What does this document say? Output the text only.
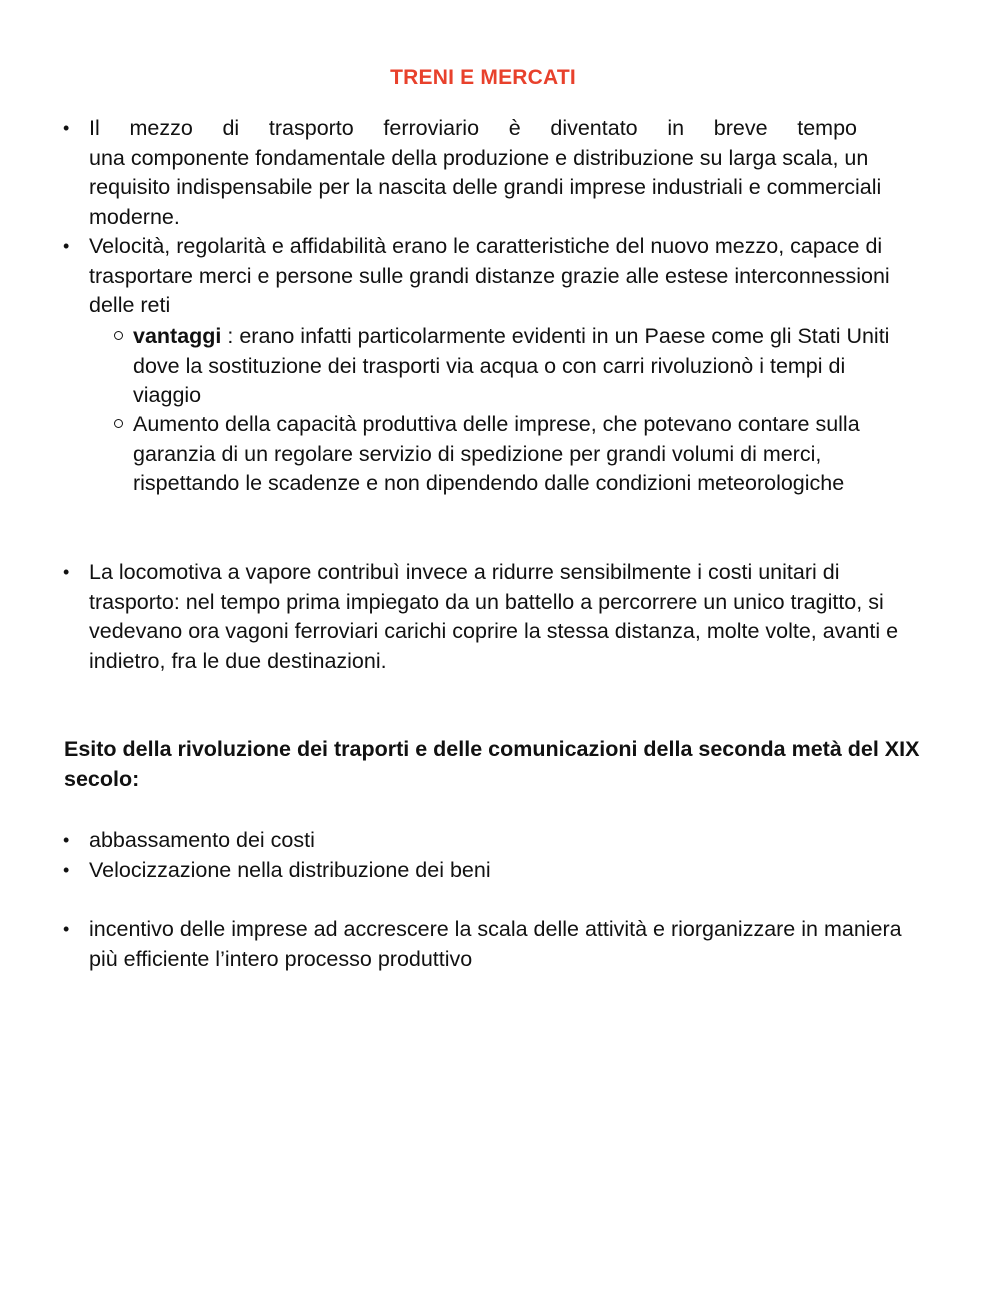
TRENI E MERCATI
• Il mezzo di trasporto ferroviario è diventato in breve tempo
una componente fondamentale della produzione e distribuzione su larga scala, un requisito indispensabile per la nascita delle grandi imprese industriali e commerciali moderne.
• Velocità, regolarità e affidabilità erano le caratteristiche del nuovo mezzo, capace di trasportare merci e persone sulle grandi distanze grazie alle estese interconnessioni delle reti
vantaggi : erano infatti particolarmente evidenti in un Paese come gli Stati Uniti dove la sostituzione dei trasporti via acqua o con carri rivoluzionò i tempi di viaggio
Aumento della capacità produttiva delle imprese, che potevano contare sulla garanzia di un regolare servizio di spedizione per grandi volumi di merci, rispettando le scadenze e non dipendendo dalle condizioni meteorologiche
• La locomotiva a vapore contribuì invece a ridurre sensibilmente i costi unitari di trasporto: nel tempo prima impiegato da un battello a percorrere un unico tragitto, si vedevano ora vagoni ferroviari carichi coprire la stessa distanza, molte volte, avanti e indietro, fra le due destinazioni.
Esito della rivoluzione dei traporti e delle comunicazioni della seconda metà del XIX secolo:
• abbassamento dei costi
• Velocizzazione nella distribuzione dei beni
• incentivo delle imprese ad accrescere la scala delle attività e riorganizzare in maniera più efficiente l’intero processo produttivo
